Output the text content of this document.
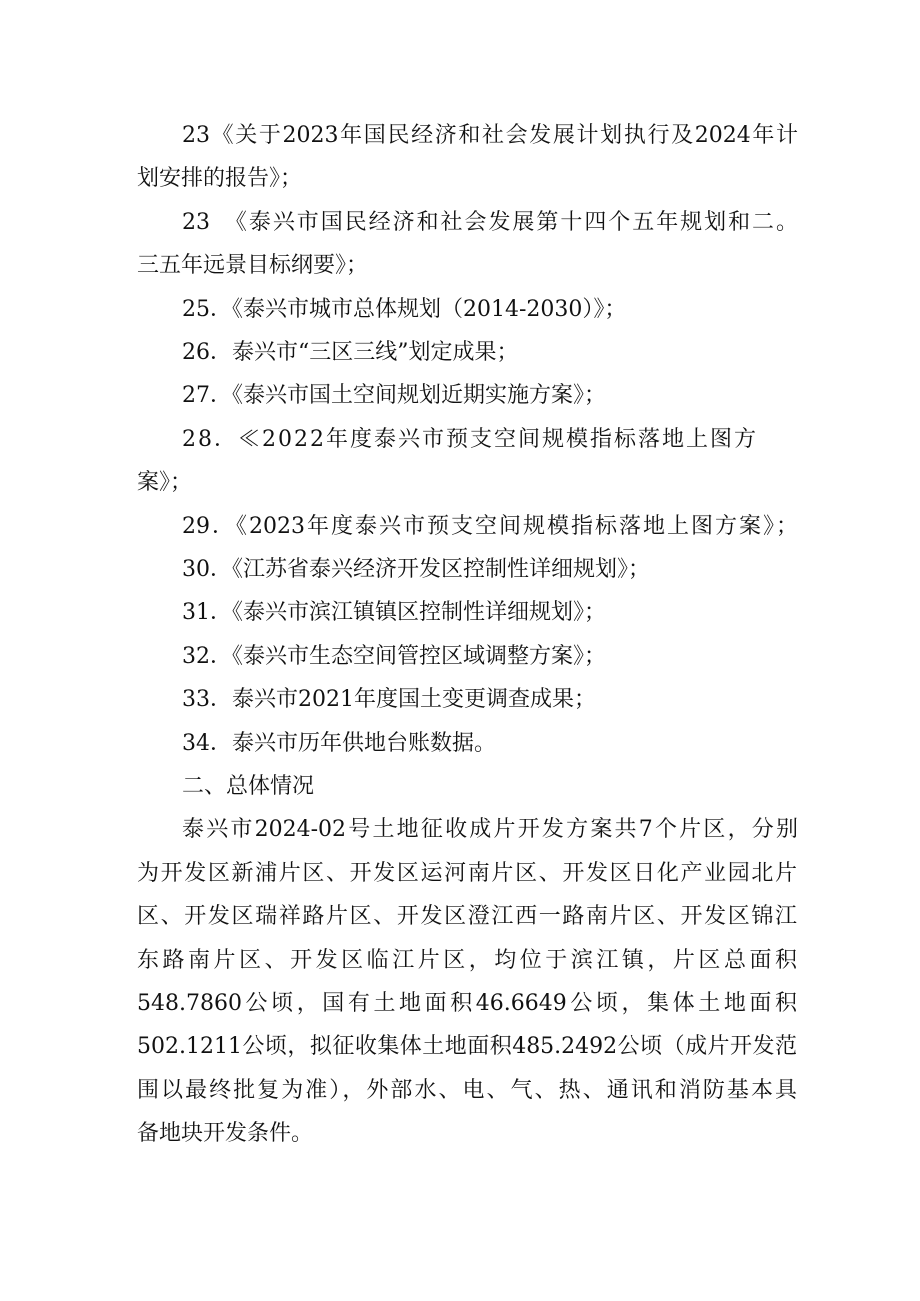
23《关于2023年国民经济和社会发展计划执行及2024年计

划安排的报告》；

23　《泰兴市国民经济和社会发展第十四个五年规划和二。

三五年远景目标纲要》；

25．《泰兴市城市总体规划（2014-2030）》；

26．泰兴市“三区三线”划定成果；

27．《泰兴市国土空间规划近期实施方案》；

28．≪2022年度泰兴市预支空间规模指标落地上图方

案》；

29．《2023年度泰兴市预支空间规模指标落地上图方案》；

30．《江苏省泰兴经济开发区控制性详细规划》；

31．《泰兴市滨江镇镇区控制性详细规划》；

32．《泰兴市生态空间管控区域调整方案》；

33．泰兴市2021年度国土变更调查成果；

34．泰兴市历年供地台账数据。

二、总体情况

泰兴市2024-02号土地征收成片开发方案共7个片区，分别

为开发区新浦片区、开发区运河南片区、开发区日化产业园北片

区、开发区瑞祥路片区、开发区澄江西一路南片区、开发区锦江

东路南片区、开发区临江片区，均位于滨江镇，片区总面积

548.7860公顷，国有土地面积46.6649公顷，集体土地面积

502.1211公顷，拟征收集体土地面积485.2492公顷（成片开发范

围以最终批复为准），外部水、电、气、热、通讯和消防基本具

备地块开发条件。
